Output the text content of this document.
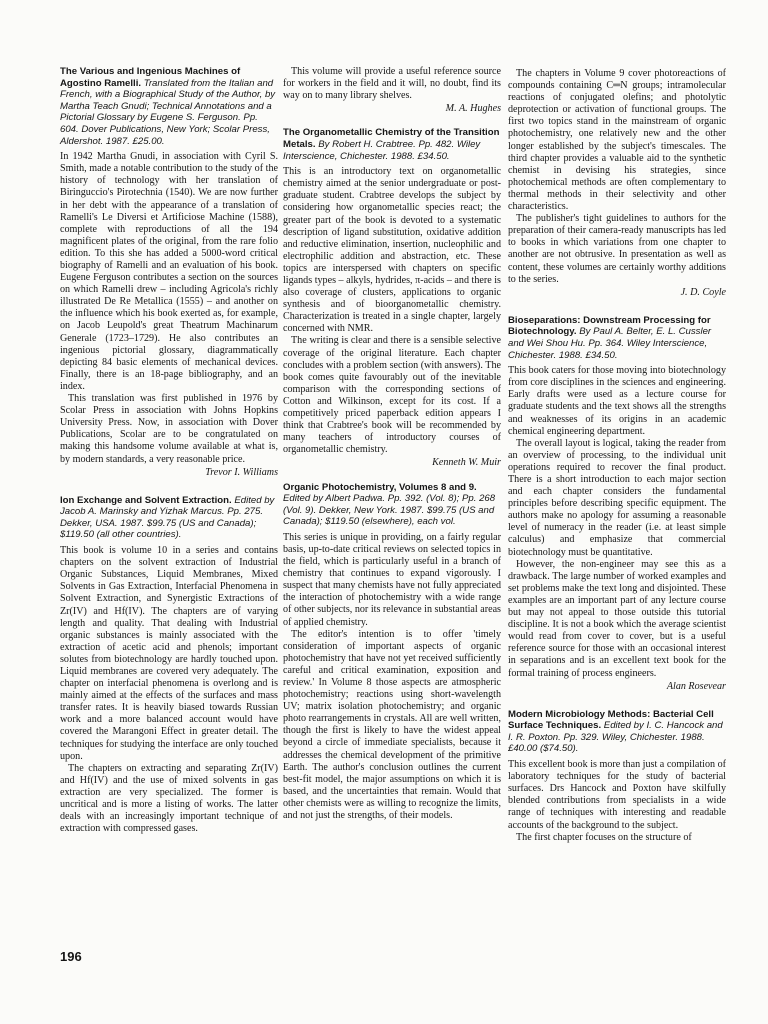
The Various and Ingenious Machines of Agostino Ramelli. Translated from the Italian and French, with a Biographical Study of the Author, by Martha Teach Gnudi; Technical Annotations and a Pictorial Glossary by Eugene S. Ferguson. Pp. 604. Dover Publications, New York; Scolar Press, Aldershot. 1987. £25.00.

In 1942 Martha Gnudi, in association with Cyril S. Smith, made a notable contribution to the study of the history of technology with her translation of Biringuccio's Pirotechnia (1540). We are now further in her debt with the appearance of a translation of Ramelli's Le Diversi et Artificiose Machine (1588), complete with reproductions of all the 194 magnificent plates of the original, from the rare folio edition. To this she has added a 5000-word critical biography of Ramelli and an evaluation of his book. Eugene Ferguson contributes a section on the sources on which Ramelli drew – including Agricola's richly illustrated De Re Metallica (1555) – and another on the influence which his book exerted as, for example, on Jacob Leupold's great Theatrum Machinarum Generale (1723–1729). He also contributes an ingenious pictorial glossary, diagrammatically depicting 84 basic elements of mechanical devices. Finally, there is an 18-page bibliography, and an index.

This translation was first published in 1976 by Scolar Press in association with Johns Hopkins University Press. Now, in association with Dover Publications, Scolar are to be congratulated on making this handsome volume available at what is, by modern standards, a very reasonable price.

Trevor I. Williams
Ion Exchange and Solvent Extraction. Edited by Jacob A. Marinsky and Yizhak Marcus. Pp. 275. Dekker, USA. 1987. $99.75 (US and Canada); $119.50 (all other countries).

This book is volume 10 in a series and contains chapters on the solvent extraction of Industrial Organic Substances, Liquid Membranes, Mixed Solvents in Gas Extraction, Interfacial Phenomena in Solvent Extraction, and Synergistic Extractions of Zr(IV) and Hf(IV). The chapters are of varying length and quality. That dealing with Industrial organic substances is mainly associated with the extraction of acetic acid and phenols; important solutes from biotechnology are hardly touched upon. Liquid membranes are covered very adequately. The chapter on interfacial phenomena is overlong and is mainly aimed at the effects of the surfaces and mass transfer rates. It is heavily biased towards Russian work and a more balanced account would have covered the Marangoni Effect in greater detail. The techniques for studying the interface are only touched upon.

The chapters on extracting and separating Zr(IV) and Hf(IV) and the use of mixed solvents in gas extraction are very specialized. The former is uncritical and is more a listing of works. The latter deals with an increasingly important technique of extraction with compressed gases.

This volume will provide a useful reference source for workers in the field and it will, no doubt, find its way on to many library shelves.

M. A. Hughes
The Organometallic Chemistry of the Transition Metals. By Robert H. Crabtree. Pp. 482. Wiley Interscience, Chichester. 1988. £34.50.

This is an introductory text on organometallic chemistry aimed at the senior undergraduate or post-graduate student. Crabtree develops the subject by considering how organometallic species react; the greater part of the book is devoted to a systematic description of ligand substitution, oxidative addition and reductive elimination, insertion, nucleophilic and electrophilic addition and abstraction, etc. These topics are interspersed with chapters on specific ligands types – alkyls, hydrides, π-acids – and there is also coverage of clusters, applications to organic synthesis and of bioorganometallic chemistry. Characterization is treated in a single chapter, largely concerned with NMR.

The writing is clear and there is a sensible selective coverage of the original literature. Each chapter concludes with a problem section (with answers). The book comes quite favourably out of the inevitable comparison with the corresponding sections of Cotton and Wilkinson, except for its cost. If a competitively priced paperback edition appears I think that Crabtree's book will be recommended by many teachers of introductory courses of organometallic chemistry.

Kenneth W. Muir
Organic Photochemistry, Volumes 8 and 9. Edited by Albert Padwa. Pp. 392. (Vol. 8); Pp. 268 (Vol. 9). Dekker, New York. 1987. $99.75 (US and Canada); $119.50 (elsewhere), each vol.

This series is unique in providing, on a fairly regular basis, up-to-date critical reviews on selected topics in the field, which is particularly useful in a branch of chemistry that continues to expand vigorously. I suspect that many chemists have not fully appreciated the interaction of photochemistry with a wide range of other subjects, nor its relevance in substantial areas of applied chemistry.

The editor's intention is to offer 'timely consideration of important aspects of organic photochemistry that have not yet received sufficiently careful and critical examination, exposition and review.' In Volume 8 those aspects are atmospheric photochemistry; reactions using short-wavelength UV; matrix isolation photochemistry; and organic photo rearrangements in crystals. All are well written, though the first is likely to have the widest appeal beyond a circle of immediate specialists, because it addresses the chemical development of the primitive Earth. The author's conclusion outlines the current best-fit model, the major assumptions on which it is based, and the uncertainties that remain. Would that other chemists were as willing to recognize the limits, and not just the strengths, of their models.

The chapters in Volume 9 cover photoreactions of compounds containing C═N groups; intramolecular reactions of conjugated olefins; and photolytic deprotection or activation of functional groups. The first two topics stand in the mainstream of organic photochemistry, one relatively new and the other longer established by the subject's timescales. The third chapter provides a valuable aid to the synthetic chemist in devising his strategies, since photochemical methods are often complementary to thermal methods in their selectivity and other characteristics.

The publisher's tight guidelines to authors for the preparation of their camera-ready manuscripts has led to books in which variations from one chapter to another are not obtrusive. In presentation as well as content, these volumes are certainly worthy additions to the series.

J. D. Coyle
Bioseparations: Downstream Processing for Biotechnology. By Paul A. Belter, E. L. Cussler and Wei Shou Hu. Pp. 364. Wiley Interscience, Chichester. 1988. £34.50.

This book caters for those moving into biotechnology from core disciplines in the sciences and engineering. Early drafts were used as a lecture course for graduate students and the text shows all the strengths and weaknesses of its origins in an academic chemical engineering department.

The overall layout is logical, taking the reader from an overview of processing, to the individual unit operations required to recover the final product. There is a short introduction to each major section and each chapter considers the fundamental principles before describing specific equipment. The authors make no apology for assuming a reasonable level of numeracy in the reader (i.e. at least simple calculus) and emphasize that commercial biotechnology must be quantitative.

However, the non-engineer may see this as a drawback. The large number of worked examples and set problems make the text long and disjointed. These examples are an important part of any lecture course but may not appeal to those outside this tutorial discipline. It is not a book which the average scientist would read from cover to cover, but is a useful reference source for those with an occasional interest in separations and is an excellent text book for the formal training of process engineers.

Alan Rosevear
Modern Microbiology Methods: Bacterial Cell Surface Techniques. Edited by I. C. Hancock and I. R. Poxton. Pp. 329. Wiley, Chichester. 1988. £40.00 ($74.50).

This excellent book is more than just a compilation of laboratory techniques for the study of bacterial surfaces. Drs Hancock and Poxton have skilfully blended contributions from specialists in a wide range of techniques with interesting and readable accounts of the background to the subject.

The first chapter focuses on the structure of

196
